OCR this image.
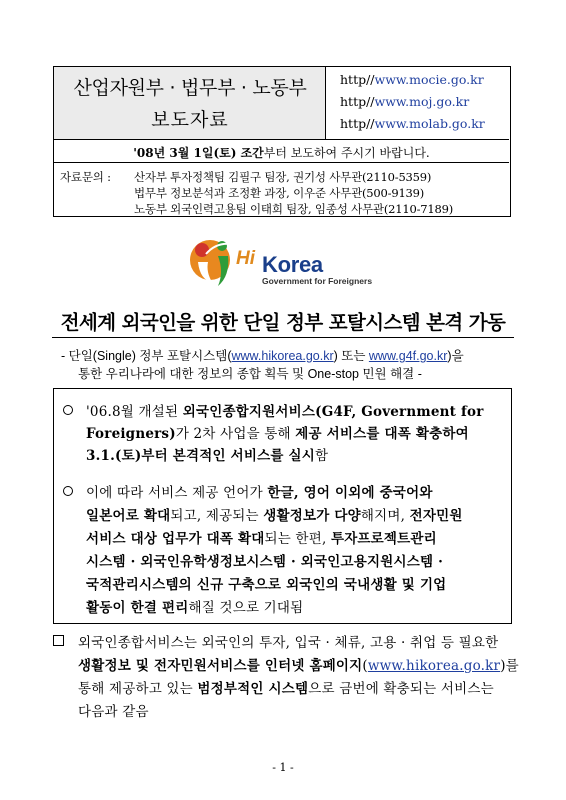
산업자원부 · 법무부 · 노동부
보도자료
http//www.mocie.go.kr
http//www.moj.go.kr
http//www.molab.go.kr
'08년 3월 1일(토) 조간부터 보도하여 주시기 바랍니다.
자료문의 : 산자부 투자정책팀 김필구 팀장, 권기성 사무관(2110-5359)
법무부 정보분석과 조정환 과장, 이우준 사무관(500-9139)
노동부 외국인력고용팀 이태희 팀장, 임종성 사무관(2110-7189)
Hi Korea
Government for Foreigners
전세계 외국인을 위한 단일 정부 포탈시스템 본격 가동
- 단일(Single) 정부 포탈시스템(www.hikorea.go.kr) 또는 www.g4f.go.kr)을
통한 우리나라에 대한 정보의 종합 획득 및 One-stop 민원 해결 -
'06.8월 개설된 외국인종합지원서비스(G4F, Government for
Foreigners)가 2차 사업을 통해 제공 서비스를 대폭 확충하여
3.1.(토)부터 본격적인 서비스를 실시함
이에 따라 서비스 제공 언어가 한글, 영어 이외에 중국어와
일본어로 확대되고, 제공되는 생활정보가 다양해지며, 전자민원
서비스 대상 업무가 대폭 확대되는 한편, 투자프로젝트관리
시스템 · 외국인유학생정보시스템 · 외국인고용지원시스템 ·
국적관리시스템의 신규 구축으로 외국인의 국내생활 및 기업
활동이 한결 편리해질 것으로 기대됨
외국인종합서비스는 외국인의 투자, 입국 · 체류, 고용 · 취업 등 필요한
생활정보 및 전자민원서비스를 인터넷 홈페이지(www.hikorea.go.kr)를
통해 제공하고 있는 범정부적인 시스템으로 금번에 확충되는 서비스는
다음과 같음
- 1 -
